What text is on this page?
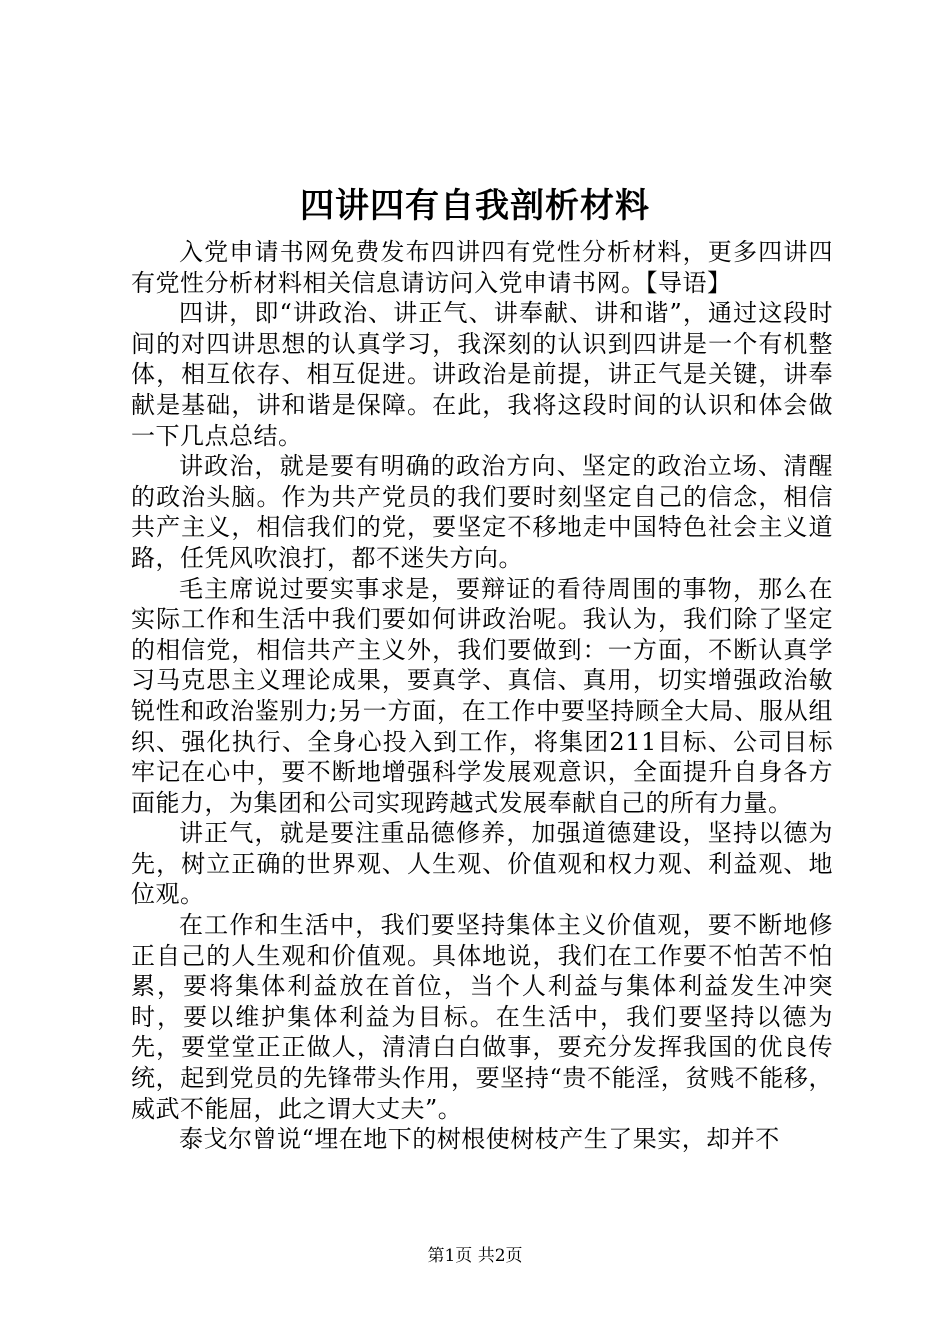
四讲四有自我剖析材料

入党申请书网免费发布四讲四有党性分析材料，更多四讲四有党性分析材料相关信息请访问入党申请书网。【导语】

四讲，即“讲政治、讲正气、讲奉献、讲和谐”，通过这段时间的对四讲思想的认真学习，我深刻的认识到四讲是一个有机整体，相互依存、相互促进。讲政治是前提，讲正气是关键，讲奉献是基础，讲和谐是保障。在此，我将这段时间的认识和体会做一下几点总结。

讲政治，就是要有明确的政治方向、坚定的政治立场、清醒的政治头脑。作为共产党员的我们要时刻坚定自己的信念，相信共产主义，相信我们的党，要坚定不移地走中国特色社会主义道路，任凭风吹浪打，都不迷失方向。

毛主席说过要实事求是，要辩证的看待周围的事物，那么在实际工作和生活中我们要如何讲政治呢。我认为，我们除了坚定的相信党，相信共产主义外，我们要做到：一方面，不断认真学习马克思主义理论成果，要真学、真信、真用，切实增强政治敏锐性和政治鉴别力;另一方面，在工作中要坚持顾全大局、服从组织、强化执行、全身心投入到工作，将集团211目标、公司目标牢记在心中，要不断地增强科学发展观意识，全面提升自身各方面能力，为集团和公司实现跨越式发展奉献自己的所有力量。

讲正气，就是要注重品德修养，加强道德建设，坚持以德为先，树立正确的世界观、人生观、价值观和权力观、利益观、地位观。

在工作和生活中，我们要坚持集体主义价值观，要不断地修正自己的人生观和价值观。具体地说，我们在工作要不怕苦不怕累，要将集体利益放在首位，当个人利益与集体利益发生冲突时，要以维护集体利益为目标。在生活中，我们要坚持以德为先，要堂堂正正做人，清清白白做事，要充分发挥我国的优良传统，起到党员的先锋带头作用，要坚持“贵不能淫，贫贱不能移，威武不能屈，此之谓大丈夫”。

泰戈尔曾说“埋在地下的树根使树枝产生了果实，却并不

第1页 共2页
